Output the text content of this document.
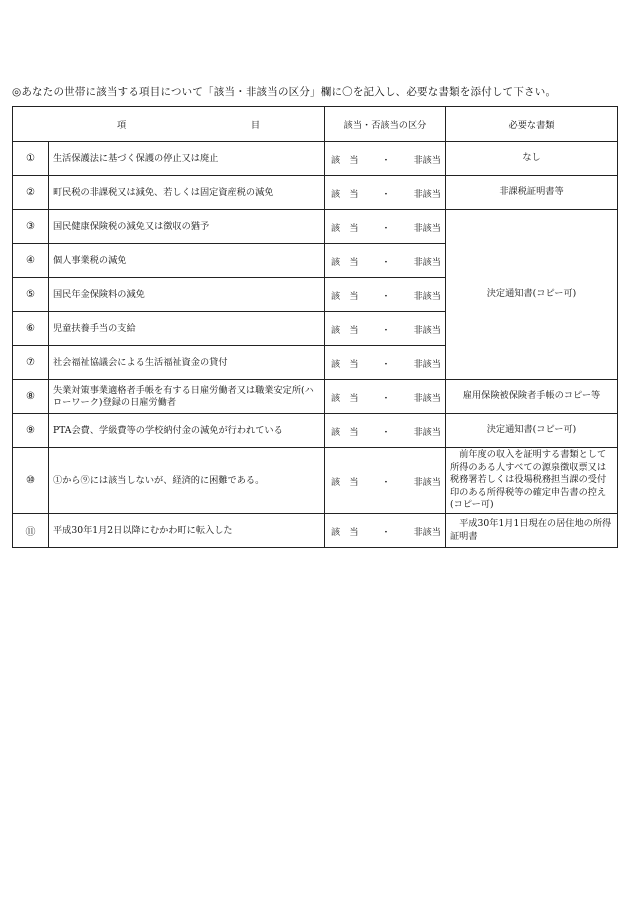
◎あなたの世帯に該当する項目について「該当・非該当の区分」欄に〇を記入し、必要な書類を添付して下さい。
項 目		該当・否該当の区分	必要な書類
①	生活保護法に基づく保護の停止又は廃止	該　当 ・ 非該当	なし
②	町民税の非課税又は減免、若しくは固定資産税の減免	該　当 ・ 非該当	非課税証明書等
③	国民健康保険税の減免又は徴収の猶予	該　当 ・ 非該当	決定通知書(コピー可)
④	個人事業税の減免	該　当 ・ 非該当	

⑤	国民年金保険料の減免	該　当 ・ 非該当	

⑥	児童扶養手当の支給	該　当 ・ 非該当	

⑦	社会福祉協議会による生活福祉資金の貸付	該　当 ・ 非該当	

⑧	失業対策事業適格者手帳を有する日雇労働者又は職業安定所(ハローワーク)登録の日雇労働者	該　当 ・ 非該当	雇用保険被保険者手帳のコピー等
⑨	PTA会費、学級費等の学校納付金の減免が行われている	該　当 ・ 非該当	決定通知書(コピー可)
⑩	①から⑨には該当しないが、経済的に困難である。	該　当 ・ 非該当	前年度の収入を証明する書類として所得のある人すべての源泉徴収票又は税務署若しくは役場税務担当課の受付印のある所得税等の確定申告書の控え(コピー可)
⑪	平成30年1月2日以降にむかわ町に転入した	該　当 ・ 非該当	平成30年1月1日現在の居住地の所得証明書
